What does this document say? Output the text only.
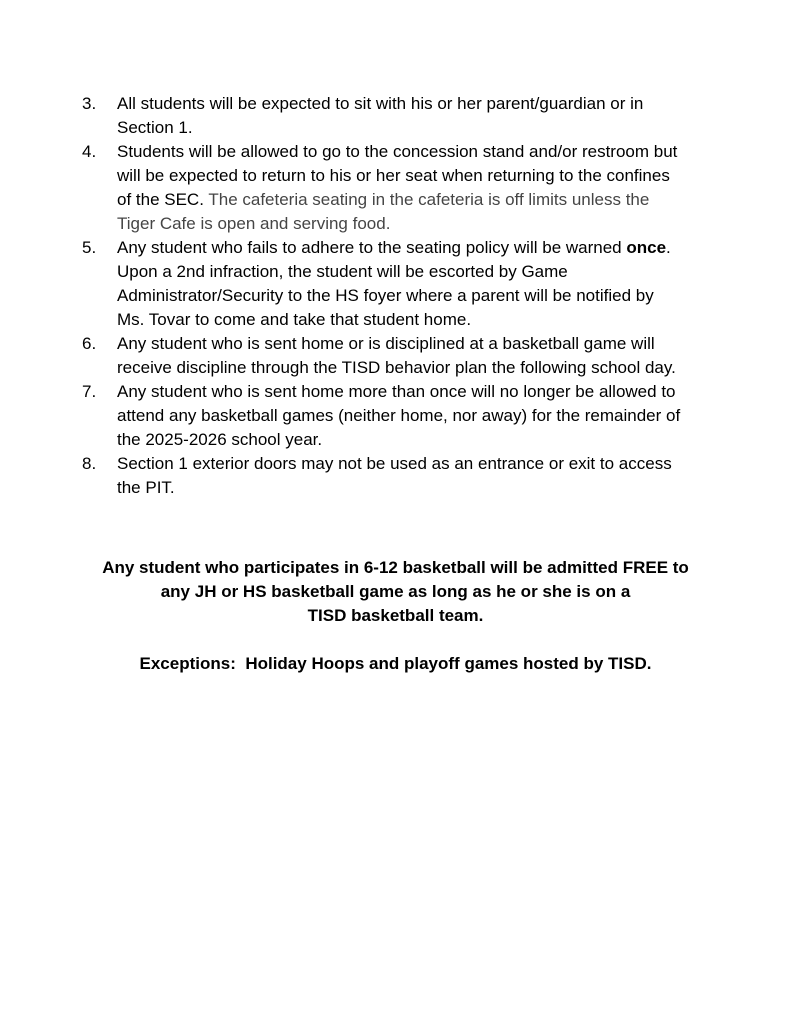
3. All students will be expected to sit with his or her parent/guardian or in
Section 1.
4. Students will be allowed to go to the concession stand and/or restroom but
will be expected to return to his or her seat when returning to the confines
of the SEC. The cafeteria seating in the cafeteria is off limits unless the
Tiger Cafe is open and serving food.
5. Any student who fails to adhere to the seating policy will be warned once.
Upon a 2nd infraction, the student will be escorted by Game
Administrator/Security to the HS foyer where a parent will be notified by
Ms. Tovar to come and take that student home.
6. Any student who is sent home or is disciplined at a basketball game will
receive discipline through the TISD behavior plan the following school day.
7. Any student who is sent home more than once will no longer be allowed to
attend any basketball games (neither home, nor away) for the remainder of
the 2025-2026 school year.
8. Section 1 exterior doors may not be used as an entrance or exit to access
the PIT.
Any student who participates in 6-12 basketball will be admitted FREE to
any JH or HS basketball game as long as he or she is on a
TISD basketball team.
Exceptions:  Holiday Hoops and playoff games hosted by TISD.
